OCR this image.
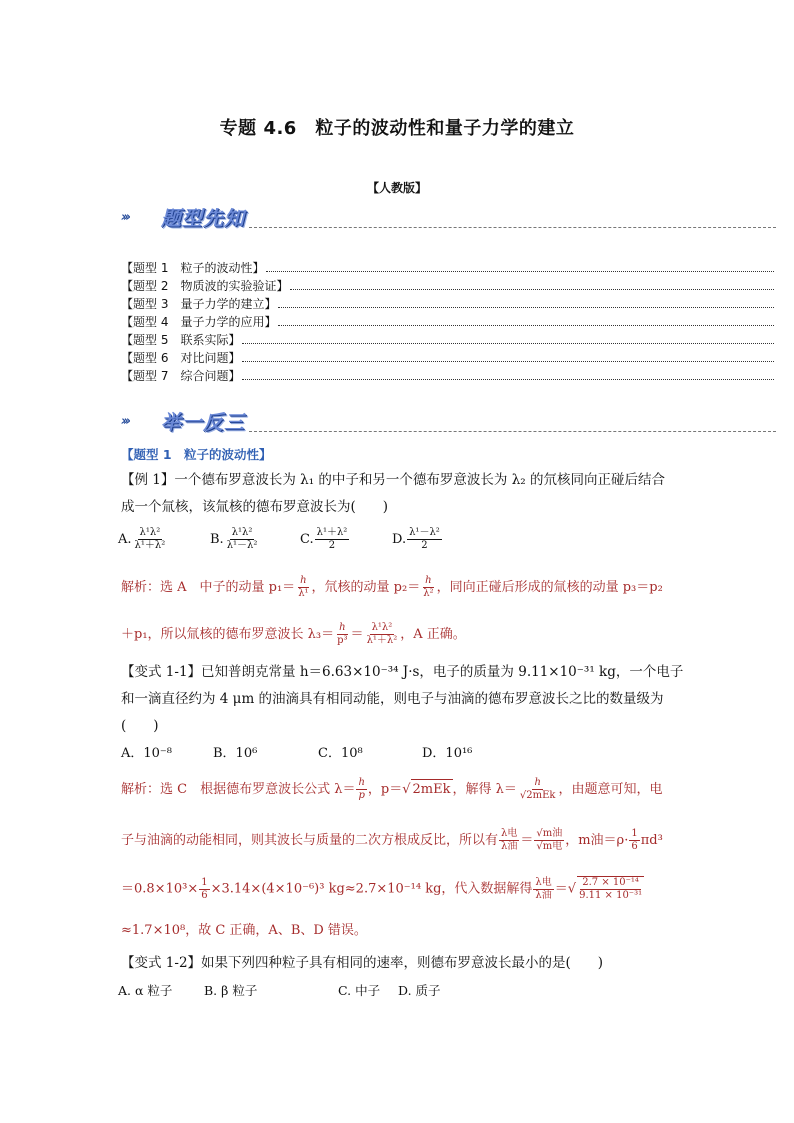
专题 4.6　粒子的波动性和量子力学的建立
【人教版】
››› 题型先知
【题型 1　粒子的波动性】
【题型 2　物质波的实验验证】
【题型 3　量子力学的建立】
【题型 4　量子力学的应用】
【题型 5　联系实际】
【题型 6　对比问题】
【题型 7　综合问题】
››› 举一反三
【题型 1　粒子的波动性】
【例 1】一个德布罗意波长为 λ₁ 的中子和另一个德布罗意波长为 λ₂ 的氘核同向正碰后结合
成一个氚核，该氚核的德布罗意波长为(　　)
A. $\frac{\text{λ¹λ²}}{\text{λ¹＋λ²}}$	B. $\frac{\text{λ¹λ²}}{\text{λ¹－λ²}}$	C. $\frac{\text{λ¹＋λ²}}{2}$	D. $\frac{\text{λ¹－λ²}}{2}$
解析：选 A　中子的动量 $p_1= \frac{h}{\text{λ¹}}$ ，氘核的动量 $p_2= \frac{h}{\text{λ²}}$ ，同向正碰后形成的氚核的动量 p₃＝p₂
＋p₁，所以氚核的德布罗意波长 $\lambda_3= \frac{h}{\text{p³}} = \frac{\text{λ¹λ²}}{\text{λ¹＋λ²}}$ ，A 正确。
【变式 1-1】已知普朗克常量 h＝6.63×10⁻³⁴ J·s，电子的质量为 9.11×10⁻³¹ kg，一个电子
和一滴直径约为 4 μm 的油滴具有相同动能，则电子与油滴的德布罗意波长之比的数量级为
(　　)
A．10⁻⁸	B．10⁶	C．10⁸	D．10¹⁶
解析：选 C　根据德布罗意波长公式 $\lambda= \frac{h}{p}$ ，p＝√ 2mEk ，解得 $\lambda= \frac{h}{\text{√2mEk}}$ ，由题意可知，电
子与油滴的动能相同，则其波长与质量的二次方根成反比，所以有 $\frac{\text{λ电}}{\text{λ油}} = \frac{\text{√m油}}{\text{√m电}}$ ，m油$=\rho\cdot \frac{1}{6} \pi d^3$
$=0.8\times 10^3\times \frac{1}{6} \times 3.14\times(4\times 10^{-6})^3$ kg≈2.7×10⁻¹⁴ kg，代入数据解得 $\frac{\text{λ电}}{\text{λ油}}$ ＝√ $\frac{\text{2.7 × 10⁻¹⁴}}{\text{9.11 × 10⁻³¹}}$
≈1.7×10⁸，故 C 正确，A、B、D 错误。
【变式 1-2】如果下列四种粒子具有相同的速率，则德布罗意波长最小的是(　　)
A. α 粒子	B. β 粒子	C. 中子 D. 质子
